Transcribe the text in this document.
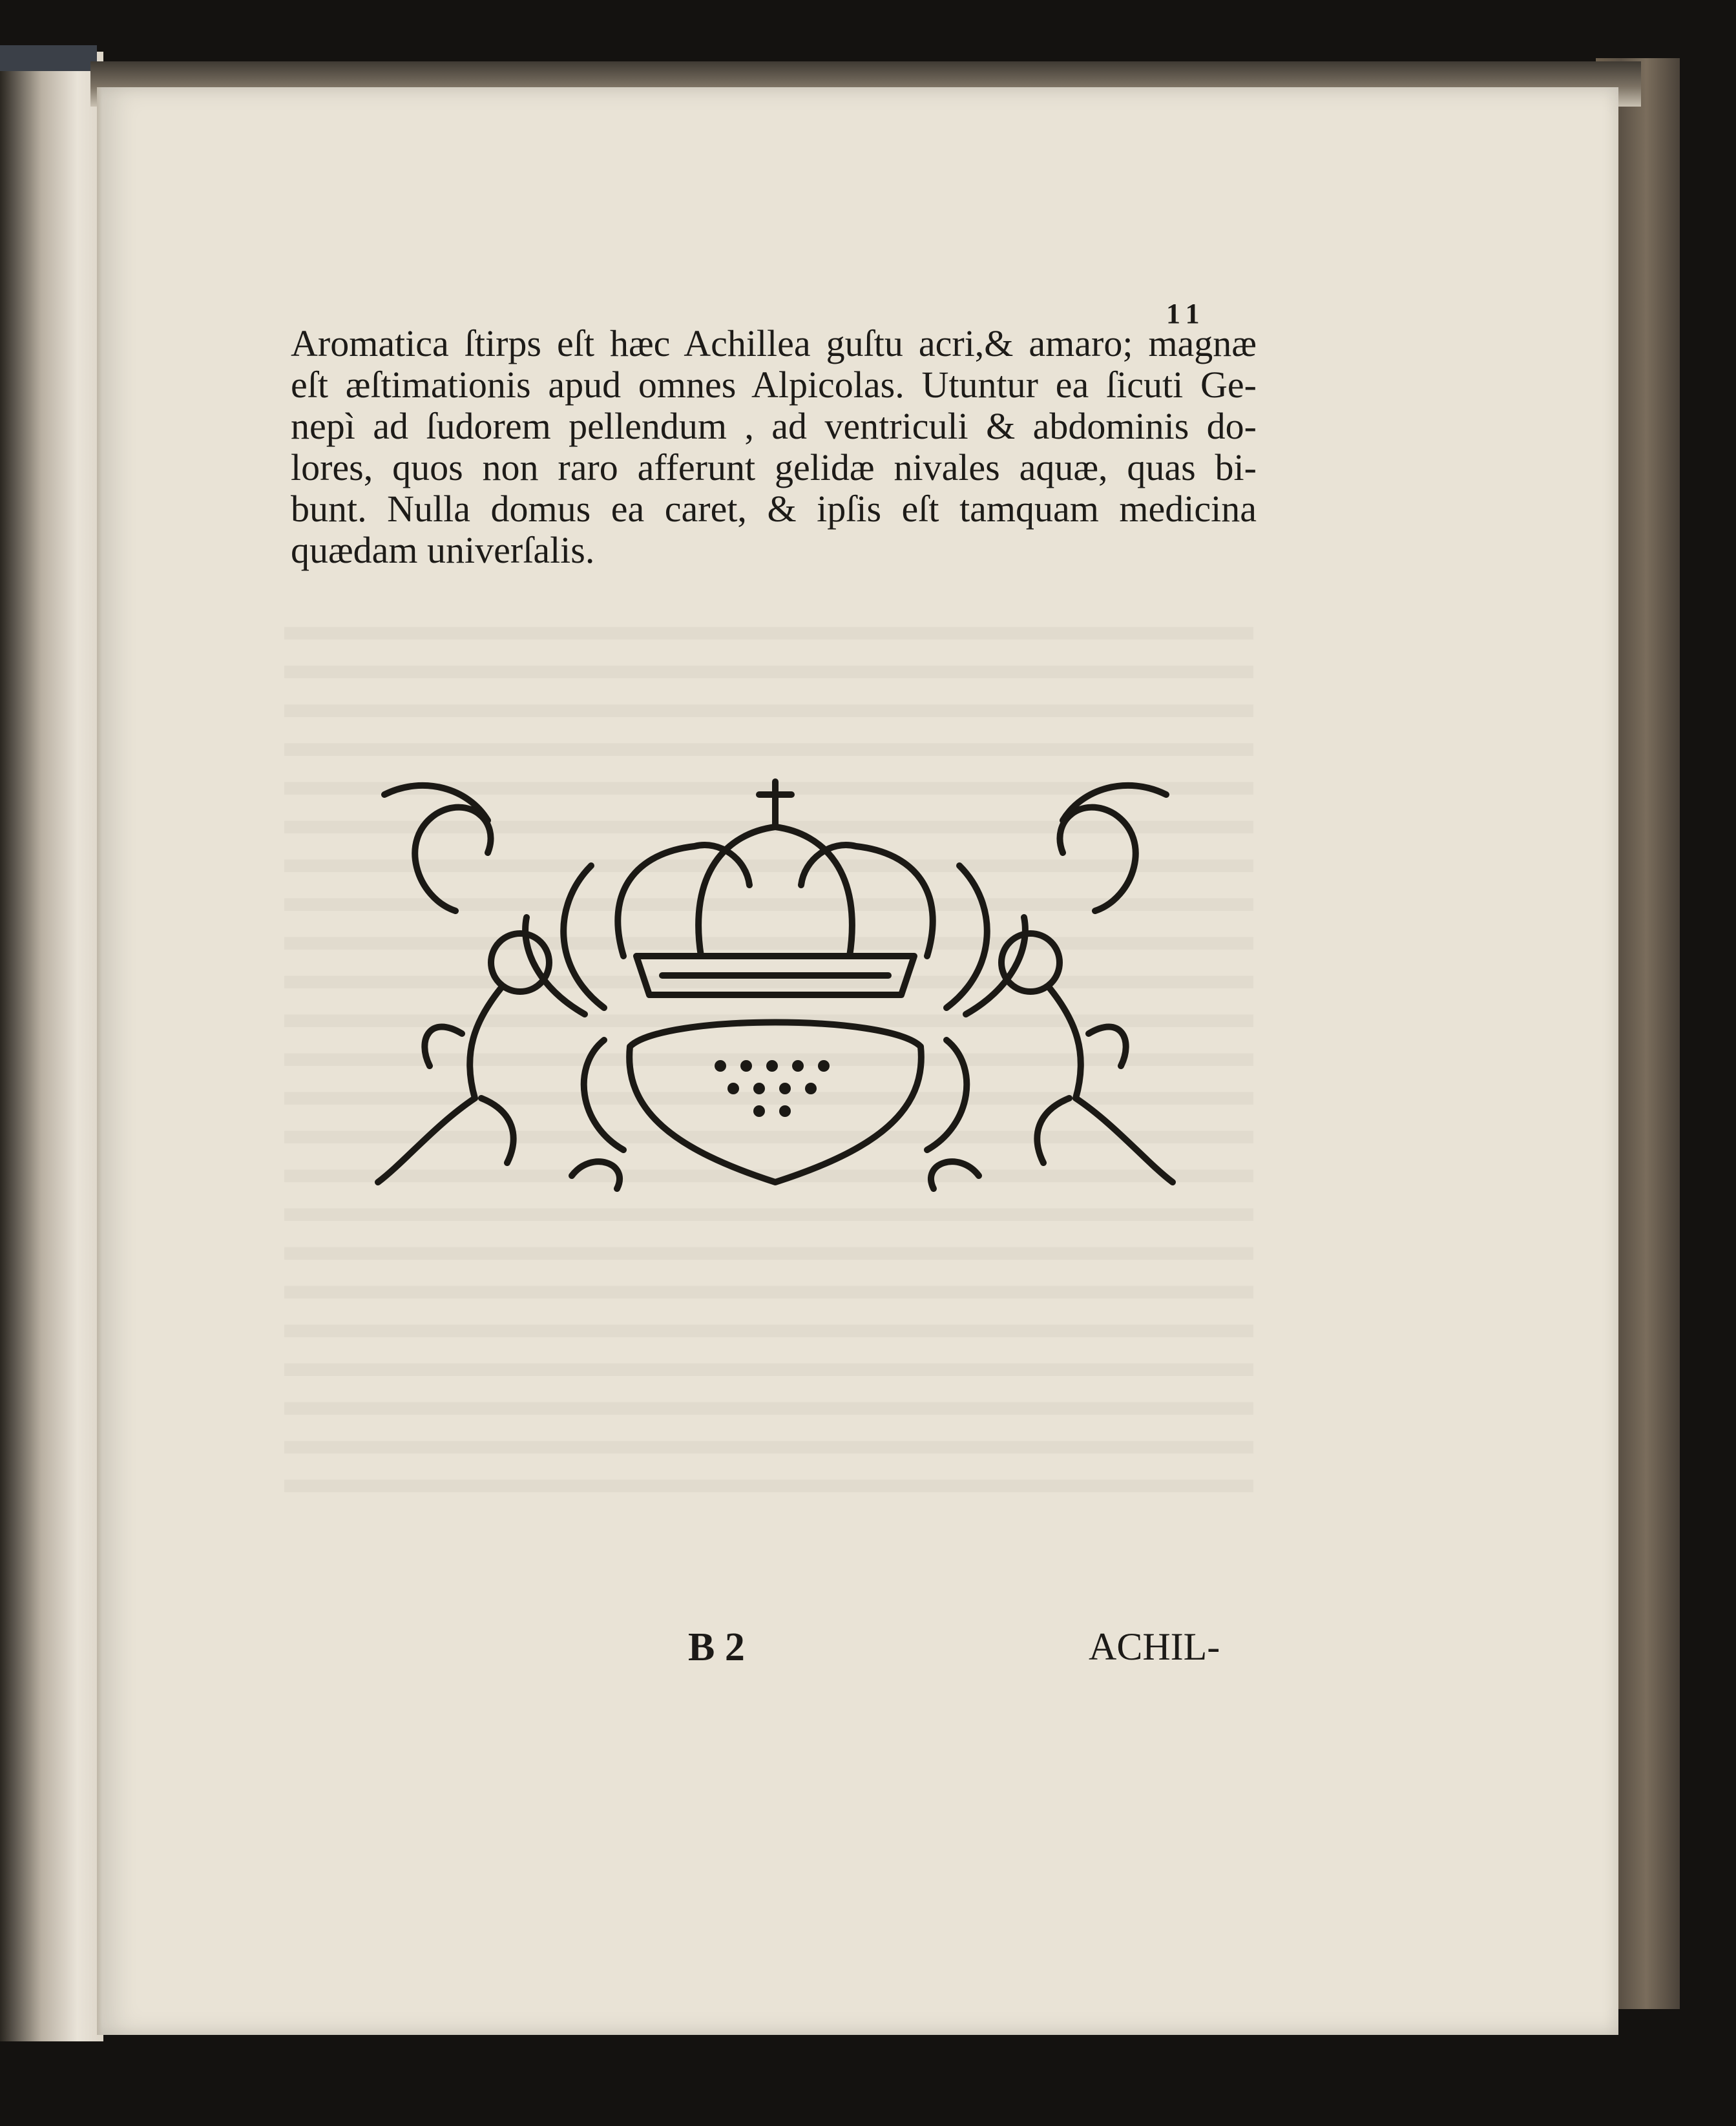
11
Aromatica ſtirps eſt hæc Achillea guſtu acri,& amaro; magnæ
eſt æſtimationis apud omnes Alpicolas. Utuntur ea ſicuti Ge-
nepì ad ſudorem pellendum , ad ventriculi & abdominis do-
lores, quos non raro afferunt gelidæ nivales aquæ, quas bi-
bunt. Nulla domus ea caret, & ipſis eſt tamquam medicina
quædam univerſalis.
B 2	ACHIL-
